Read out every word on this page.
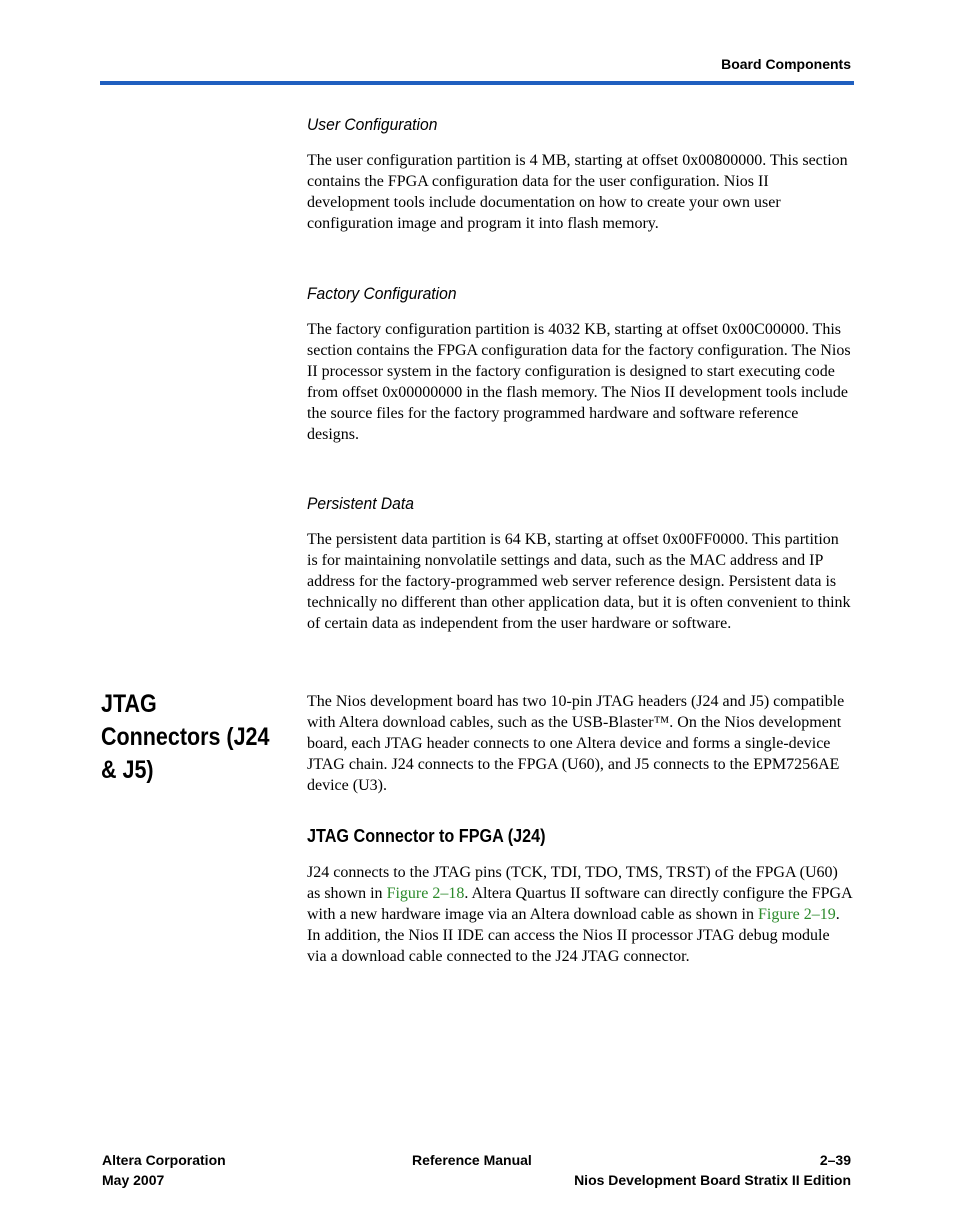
Board Components
User Configuration
The user configuration partition is 4 MB, starting at offset 0x00800000. This section contains the FPGA configuration data for the user configuration. Nios II development tools include documentation on how to create your own user configuration image and program it into flash memory.
Factory Configuration
The factory configuration partition is 4032 KB, starting at offset 0x00C00000. This section contains the FPGA configuration data for the factory configuration. The Nios II processor system in the factory configuration is designed to start executing code from offset 0x00000000 in the flash memory. The Nios II development tools include the source files for the factory programmed hardware and software reference designs.
Persistent Data
The persistent data partition is 64 KB, starting at offset 0x00FF0000. This partition is for maintaining nonvolatile settings and data, such as the MAC address and IP address for the factory-programmed web server reference design. Persistent data is technically no different than other application data, but it is often convenient to think of certain data as independent from the user hardware or software.
JTAG Connectors (J24 & J5)
The Nios development board has two 10-pin JTAG headers (J24 and J5) compatible with Altera download cables, such as the USB-Blaster™. On the Nios development board, each JTAG header connects to one Altera device and forms a single-device JTAG chain. J24 connects to the FPGA (U60), and J5 connects to the EPM7256AE device (U3).
JTAG Connector to FPGA (J24)
J24 connects to the JTAG pins (TCK, TDI, TDO, TMS, TRST) of the FPGA (U60) as shown in Figure 2–18. Altera Quartus II software can directly configure the FPGA with a new hardware image via an Altera download cable as shown in Figure 2–19. In addition, the Nios II IDE can access the Nios II processor JTAG debug module via a download cable connected to the J24 JTAG connector.
Altera Corporation
May 2007
Reference Manual	2–39
Nios Development Board Stratix II Edition
